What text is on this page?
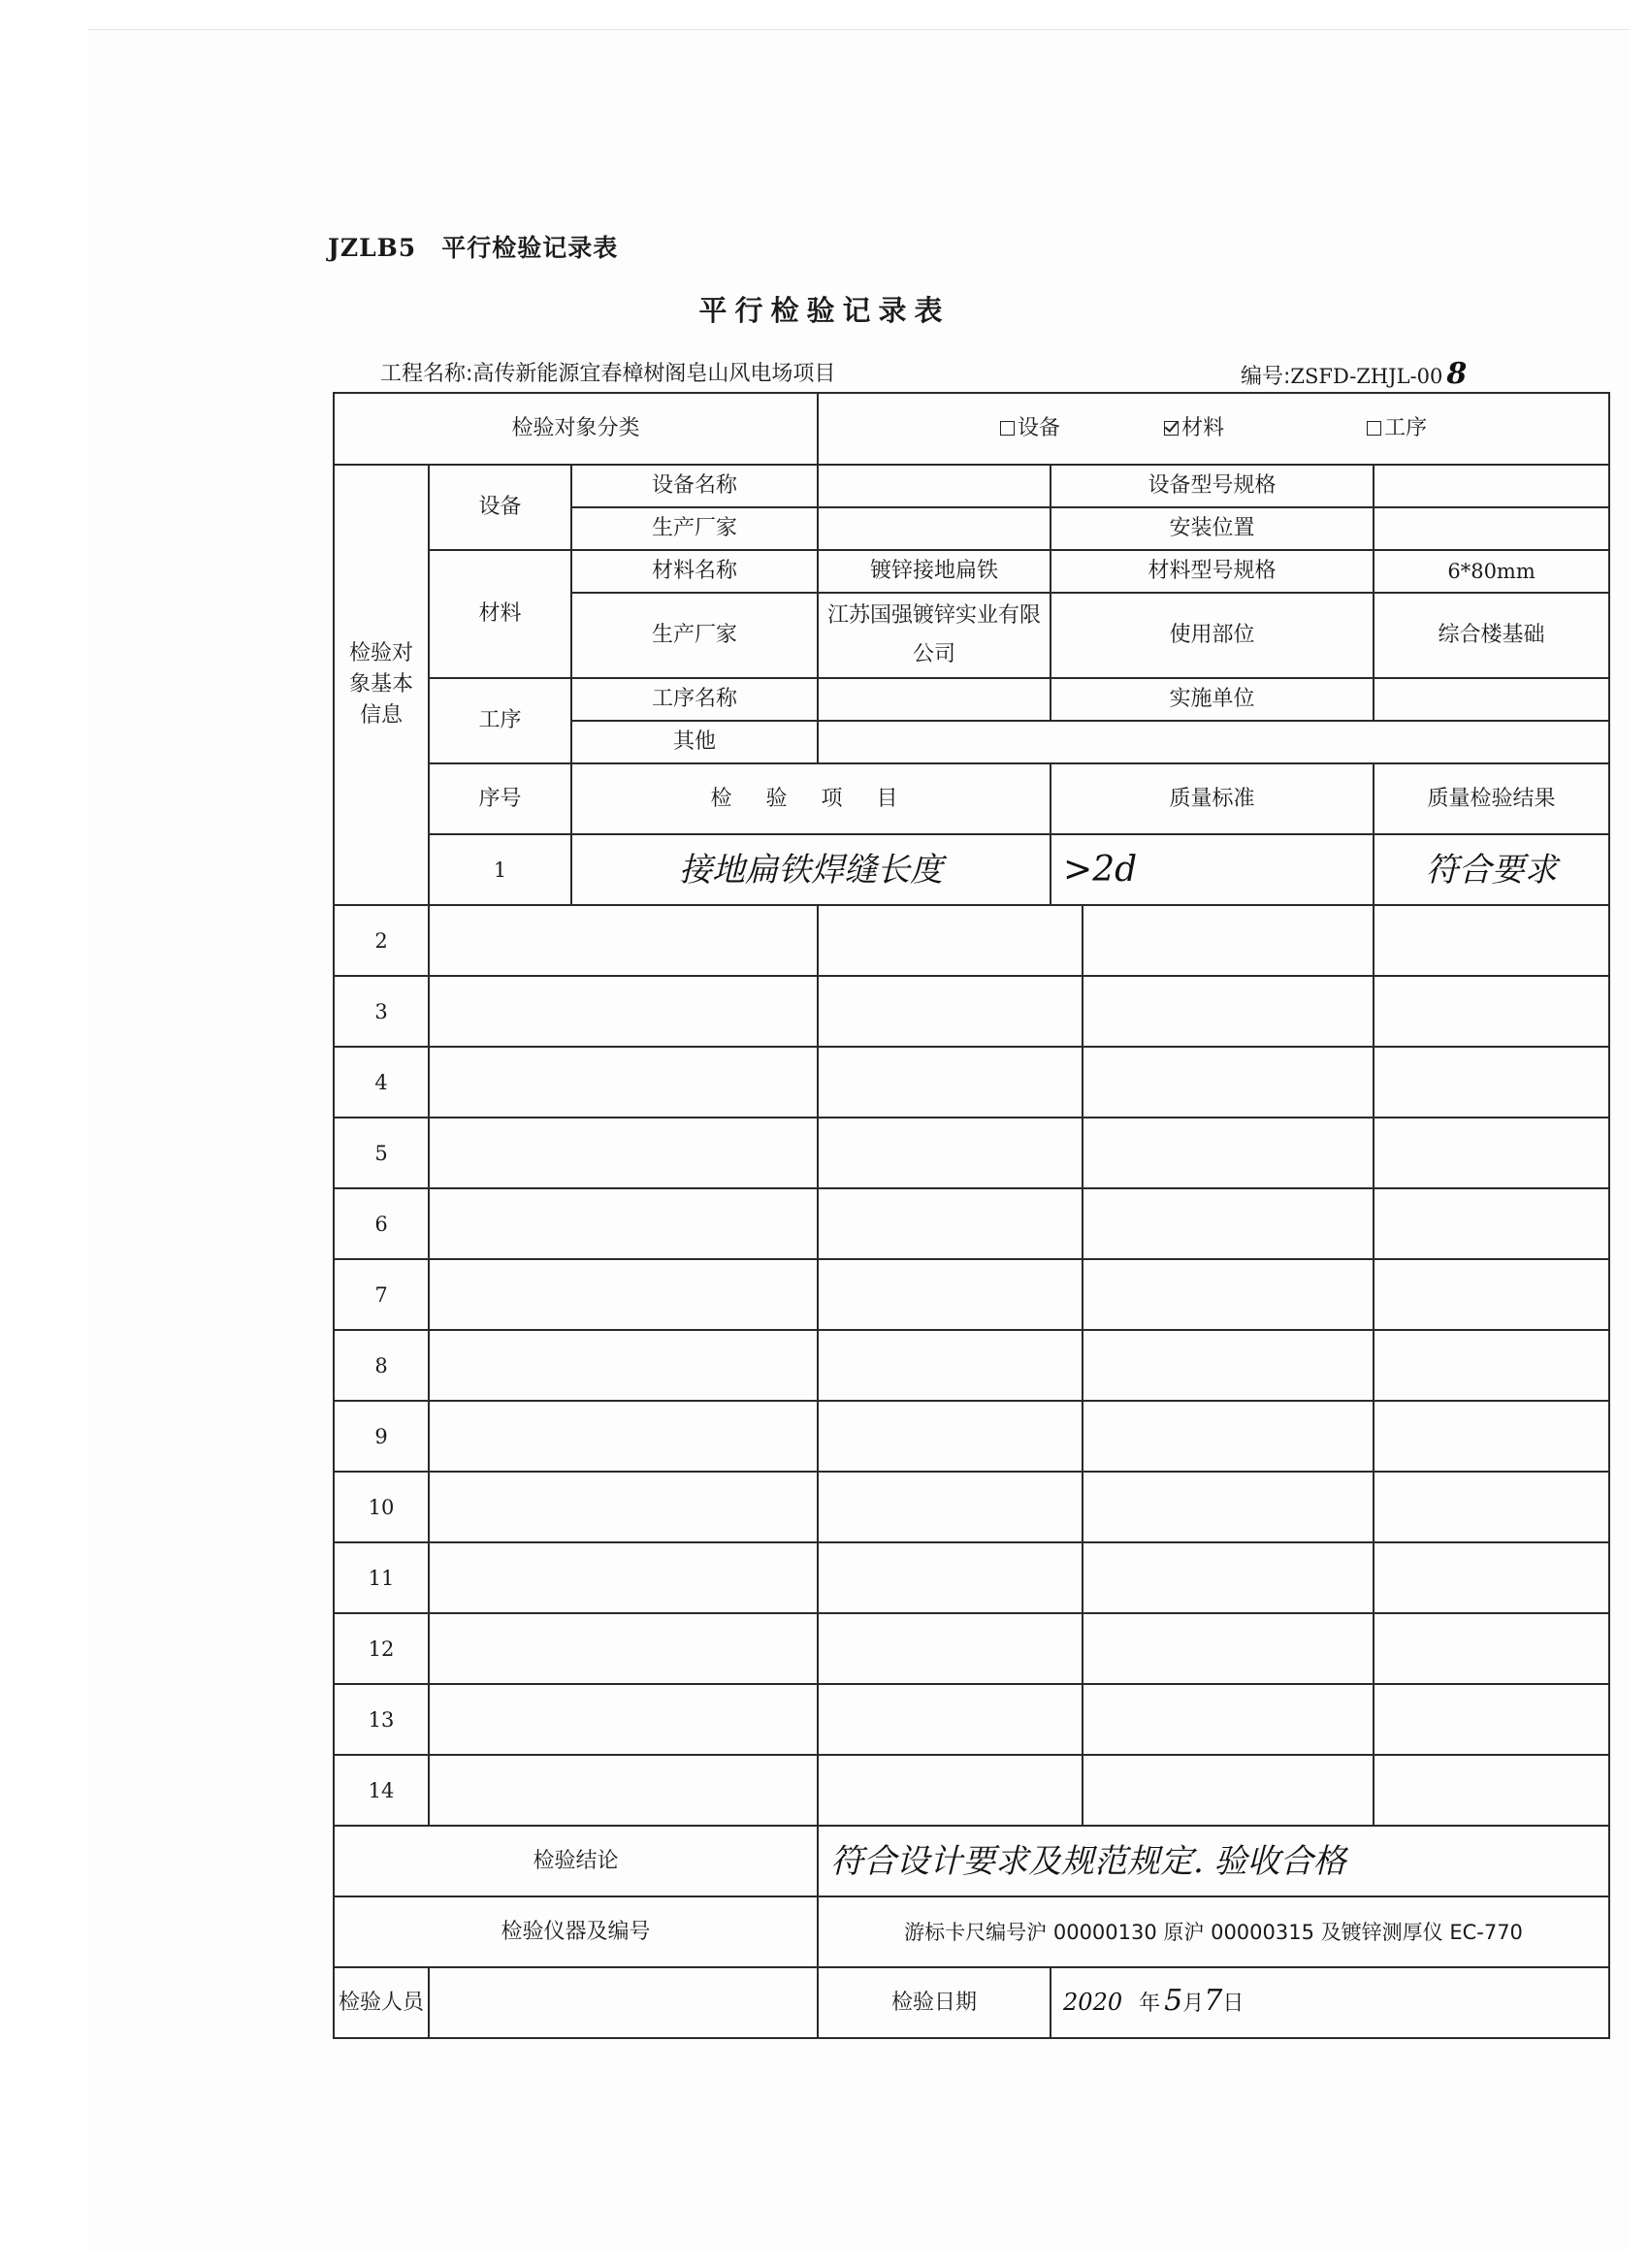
JZLB5 平行检验记录表
平行检验记录表
工程名称:高传新能源宜春樟树阁皂山风电场项目	编号:ZSFD-ZHJL-00 8
检验对象分类			设备 材料 工序				
检验对象基本信息	设备	设备名称		设备型号规格			
		生产厂家		安装位置			
	材料	材料名称	镀锌接地扁铁	材料型号规格		6*80mm	
		生产厂家	江苏国强镀锌实业有限公司	使用部位		综合楼基础	
	工序	工序名称		实施单位			
		其他					
	序号	检 验 项 目		质量标准		质量检验结果	
	1	接地扁铁焊缝长度		>2d		符合要求	
2							
3							
4							
5							
6							
7							
8							
9							
10							
11							
12							
13							
14							
检验结论			符合设计要求及规范规定. 验收合格				
检验仪器及编号			游标卡尺编号沪 00000130 原沪 00000315 及镀锌测厚仪 EC-770				
检验人员			检验日期	2020 年 5月7日			
